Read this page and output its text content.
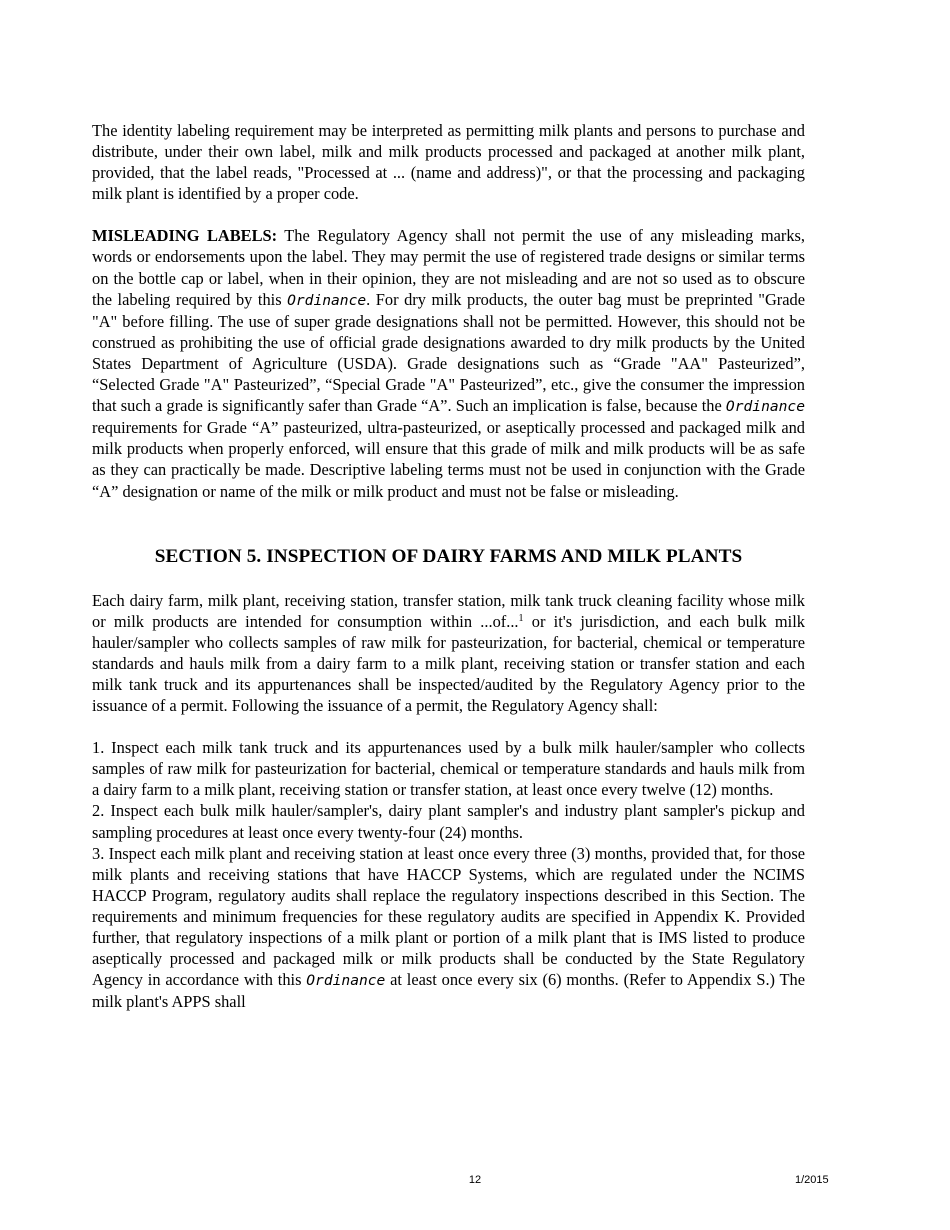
The identity labeling requirement may be interpreted as permitting milk plants and persons to purchase and distribute, under their own label, milk and milk products processed and packaged at another milk plant, provided, that the label reads, "Processed at ... (name and address)", or that the processing and packaging milk plant is identified by a proper code.

MISLEADING LABELS: The Regulatory Agency shall not permit the use of any misleading marks, words or endorsements upon the label. They may permit the use of registered trade designs or similar terms on the bottle cap or label, when in their opinion, they are not misleading and are not so used as to obscure the labeling required by this Ordinance. For dry milk products, the outer bag must be preprinted "Grade "A" before filling. The use of super grade designations shall not be permitted. However, this should not be construed as prohibiting the use of official grade designations awarded to dry milk products by the United States Department of Agriculture (USDA). Grade designations such as “Grade "AA" Pasteurized”, “Selected Grade "A" Pasteurized”, “Special Grade "A" Pasteurized”, etc., give the consumer the impression that such a grade is significantly safer than Grade “A”. Such an implication is false, because the Ordinance requirements for Grade “A” pasteurized, ultra-pasteurized, or aseptically processed and packaged milk and milk products when properly enforced, will ensure that this grade of milk and milk products will be as safe as they can practically be made. Descriptive labeling terms must not be used in conjunction with the Grade “A” designation or name of the milk or milk product and must not be false or misleading.

SECTION 5. INSPECTION OF DAIRY FARMS AND MILK PLANTS

Each dairy farm, milk plant, receiving station, transfer station, milk tank truck cleaning facility whose milk or milk products are intended for consumption within ...of...$^1$ or it's jurisdiction, and each bulk milk hauler/sampler who collects samples of raw milk for pasteurization, for bacterial, chemical or temperature standards and hauls milk from a dairy farm to a milk plant, receiving station or transfer station and each milk tank truck and its appurtenances shall be inspected/audited by the Regulatory Agency prior to the issuance of a permit. Following the issuance of a permit, the Regulatory Agency shall:

1. Inspect each milk tank truck and its appurtenances used by a bulk milk hauler/sampler who collects samples of raw milk for pasteurization for bacterial, chemical or temperature standards and hauls milk from a dairy farm to a milk plant, receiving station or transfer station, at least once every twelve (12) months.

2. Inspect each bulk milk hauler/sampler's, dairy plant sampler's and industry plant sampler's pickup and sampling procedures at least once every twenty-four (24) months.

3. Inspect each milk plant and receiving station at least once every three (3) months, provided that, for those milk plants and receiving stations that have HACCP Systems, which are regulated under the NCIMS HACCP Program, regulatory audits shall replace the regulatory inspections described in this Section. The requirements and minimum frequencies for these regulatory audits are specified in Appendix K. Provided further, that regulatory inspections of a milk plant or portion of a milk plant that is IMS listed to produce aseptically processed and packaged milk or milk products shall be conducted by the State Regulatory Agency in accordance with this Ordinance at least once every six (6) months. (Refer to Appendix S.) The milk plant's APPS shall

12	1/2015
